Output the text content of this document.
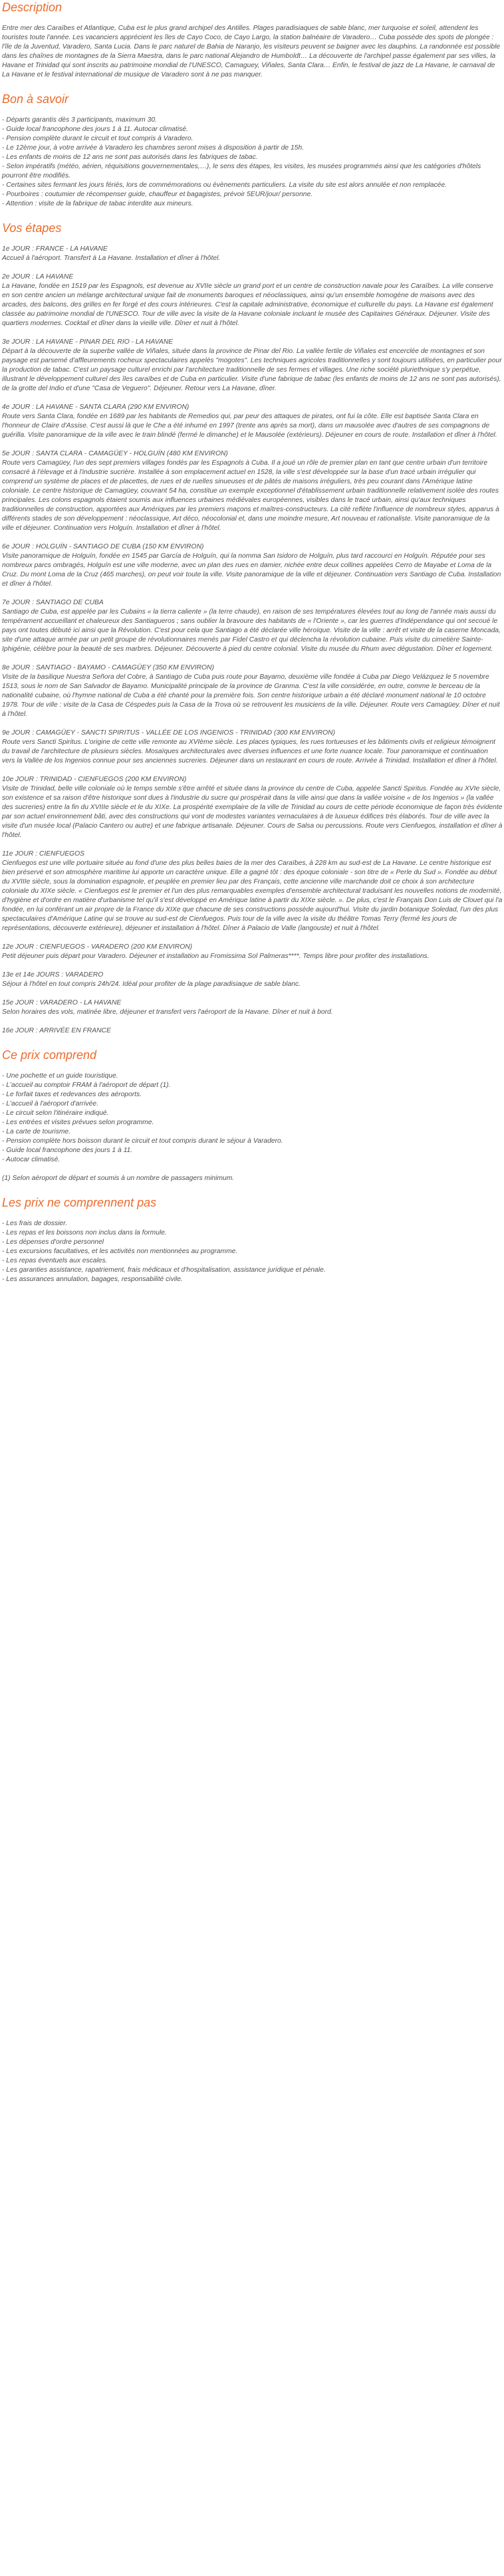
Description

Entre mer des Caraïbes et Atlantique, Cuba est le plus grand archipel des Antilles. Plages paradisiaques de sable blanc, mer turquoise et soleil, attendent les touristes toute l'année. Les vacanciers apprécient les îles de Cayo Coco, de Cayo Largo, la station balnéaire de Varadero… Cuba possède des spots de plongée : l'île de la Juventud, Varadero, Santa Lucia. Dans le parc naturel de Bahia de Naranjo, les visiteurs peuvent se baigner avec les dauphins. La randonnée est possible dans les chaînes de montagnes de la Sierra Maestra, dans le parc national Alejandro de Humboldt… La découverte de l'archipel passe également par ses villes, la Havane et Trinidad qui sont inscrits au patrimoine mondial de l'UNESCO, Camaguey, Viñales, Santa Clara… Enfin, le festival de jazz de La Havane, le carnaval de La Havane et le festival international de musique de Varadero sont à ne pas manquer.

Bon à savoir

- Départs garantis dès 3 participants, maximum 30.

- Guide local francophone des jours 1 à 11. Autocar climatisé.

- Pension complète durant le circuit et tout compris à Varadero.

- Le 12ème jour, à votre arrivée à Varadero les chambres seront mises à disposition à partir de 15h.

- Les enfants de moins de 12 ans ne sont pas autorisés dans les fabriques de tabac.

- Selon impératifs (météo, aérien, réquisitions gouvernementales,…), le sens des étapes, les visites, les musées programmés ainsi que les catégories d'hôtels pourront être modifiés.

- Certaines sites fermant les jours fériés, lors de commémorations ou évènements particuliers. La visite du site est alors annulée et non remplacée.

- Pourboires : coutumier de récompenser guide, chauffeur et bagagistes, prévoir 5EUR/jour/ personne.

- Attention : visite de la fabrique de tabac interdite aux mineurs.

Vos étapes

1e JOUR : FRANCE - LA HAVANE

Accueil à l'aéroport. Transfert à La Havane. Installation et dîner à l'hôtel.

2e JOUR : LA HAVANE

La Havane, fondée en 1519 par les Espagnols, est devenue au XVIIe siècle un grand port et un centre de construction navale pour les Caraïbes. La ville conserve en son centre ancien un mélange architectural unique fait de monuments baroques et néoclassiques, ainsi qu'un ensemble homogène de maisons avec des arcades, des balcons, des grilles en fer forgé et des cours intérieures. C'est la capitale administrative, économique et culturelle du pays. La Havane est également classée au patrimoine mondial de l'UNESCO. Tour de ville avec la visite de la Havane coloniale incluant le musée des Capitaines Généraux. Déjeuner. Visite des quartiers modernes. Cocktail et dîner dans la vieille ville. Dîner et nuit à l'hôtel.

3e JOUR : LA HAVANE - PINAR DEL RIO - LA HAVANE

Départ à la découverte de la superbe vallée de Viñales, située dans la province de Pinar del Rio. La vallée fertile de Viñales est encerclée de montagnes et son paysage est parsemé d'affleurements rocheux spectaculaires appelés "mogotes". Les techniques agricoles traditionnelles y sont toujours utilisées, en particulier pour la production de tabac. C'est un paysage culturel enrichi par l'architecture traditionnelle de ses fermes et villages. Une riche société pluriethnique s'y perpétue, illustrant le développement culturel des îles caraïbes et de Cuba en particulier. Visite d'une fabrique de tabac (les enfants de moins de 12 ans ne sont pas autorisés), de la grotte del Indio et d'une "Casa de Veguero". Déjeuner. Retour vers La Havane, dîner.

4e JOUR : LA HAVANE - SANTA CLARA (290 KM ENVIRON)

Route vers Santa Clara, fondée en 1689 par les habitants de Remedios qui, par peur des attaques de pirates, ont fui la côte. Elle est baptisée Santa Clara en l'honneur de Claire d'Assise. C'est aussi là que le Che a été inhumé en 1997 (trente ans après sa mort), dans un mausolée avec d'autres de ses compagnons de guérilla. Visite panoramique de la ville avec le train blindé (fermé le dimanche) et le Mausolée (extérieurs). Déjeuner en cours de route. Installation et dîner à l'hôtel.

5e JOUR : SANTA CLARA - CAMAGÜEY - HOLGUÍN (480 KM ENVIRON)

Route vers Camagüey, l'un des sept premiers villages fondés par les Espagnols à Cuba. Il a joué un rôle de premier plan en tant que centre urbain d'un territoire consacré à l'élevage et à l'industrie sucrière. Installée à son emplacement actuel en 1528, la ville s'est développée sur la base d'un tracé urbain irrégulier qui comprend un système de places et de placettes, de rues et de ruelles sinueuses et de pâtés de maisons irréguliers, très peu courant dans l'Amérique latine coloniale. Le centre historique de Camagüey, couvrant 54 ha, constitue un exemple exceptionnel d'établissement urbain traditionnelle relativement isolée des routes principales. Les colons espagnols étaient soumis aux influences urbaines médiévales européennes, visibles dans le tracé urbain, ainsi qu'aux techniques traditionnelles de construction, apportées aux Amériques par les premiers maçons et maîtres-constructeurs. La cité reflète l'influence de nombreux styles, apparus à différents stades de son développement : néoclassique, Art déco, néocolonial et, dans une moindre mesure, Art nouveau et rationaliste. Visite panoramique de la ville et déjeuner. Continuation vers Holguín. Installation et dîner à l'hôtel.

6e JOUR : HOLGUÍN - SANTIAGO DE CUBA (150 KM ENVIRON)

Visite panoramique de Holguín, fondée en 1545 par García de Holguín, qui la nomma San Isidoro de Holguín, plus tard raccourci en Holguín. Réputée pour ses nombreux parcs ombragés, Holguín est une ville moderne, avec un plan des rues en damier, nichée entre deux collines appelées Cerro de Mayabe et Loma de la Cruz. Du mont Loma de la Cruz (465 marches), on peut voir toute la ville. Visite panoramique de la ville et déjeuner. Continuation vers Santiago de Cuba. Installation et dîner à l'hôtel.

7e JOUR : SANTIAGO DE CUBA

Santiago de Cuba, est appelée par les Cubains « la tierra caliente » (la terre chaude), en raison de ses températures élevées tout au long de l'année mais aussi du tempérament accueillant et chaleureux des Santiagueros ; sans oublier la bravoure des habitants de « l'Oriente », car les guerres d'Indépendance qui ont secoué le pays ont toutes débuté ici ainsi que la Révolution. C'est pour cela que Santiago a été déclarée ville héroïque. Visite de la ville : arrêt et visite de la caserne Moncada, site d'une attaque armée par un petit groupe de révolutionnaires menés par Fidel Castro et qui déclencha la révolution cubaine. Puis visite du cimetière Sainte-Iphigénie, célèbre pour la beauté de ses marbres. Déjeuner. Découverte à pied du centre colonial. Visite du musée du Rhum avec dégustation. Dîner et logement.

8e JOUR : SANTIAGO - BAYAMO - CAMAGÜEY (350 KM ENVIRON)

Visite de la basilique Nuestra Señora del Cobre, à Santiago de Cuba puis route pour Bayamo, deuxième ville fondée à Cuba par Diego Velázquez le 5 novembre 1513, sous le nom de San Salvador de Bayamo. Municipalité principale de la province de Granma. C'est la ville considérée, en outre, comme le berceau de la nationalité cubaine, où l'hymne national de Cuba a été chanté pour la première fois. Son centre historique urbain a été déclaré monument national le 10 octobre 1978. Tour de ville : visite de la Casa de Céspedes puis la Casa de la Trova où se retrouvent les musiciens de la ville. Déjeuner. Route vers Camagüey. Dîner et nuit à l'hôtel.

9e JOUR : CAMAGÜEY - SANCTI SPIRITUS - VALLÉE DE LOS INGENIOS - TRINIDAD (300 KM ENVIRON)

Route vers Sancti Spiritus. L'origine de cette ville remonte au XVIème siècle. Les places typiques, les rues tortueuses et les bâtiments civils et religieux témoignent du travail de l'architecture de plusieurs siècles. Mosaïques architecturales avec diverses influences et une forte nuance locale. Tour panoramique et continuation vers la Vallée de los Ingenios connue pour ses anciennes sucreries. Déjeuner dans un restaurant en cours de route. Arrivée à Trinidad. Installation et dîner à l'hôtel.

10e JOUR : TRINIDAD - CIENFUEGOS (200 KM ENVIRON)

Visite de Trinidad, belle ville coloniale où le temps semble s'être arrêté et située dans la province du centre de Cuba, appelée Sancti Spiritus. Fondée au XVIe siècle, son existence et sa raison d'être historique sont dues à l'industrie du sucre qui prospérait dans la ville ainsi que dans la vallée voisine « de los Ingenios » (la vallée des sucreries) entre la fin du XVIIIe siècle et le du XIXe. La prospérité exemplaire de la ville de Trinidad au cours de cette période économique de façon très évidente par son actuel environnement bâti, avec des constructions qui vont de modestes variantes vernaculaires à de luxueux édifices très élaborés. Tour de ville avec la visite d'un musée local (Palacio Cantero ou autre) et une fabrique artisanale. Déjeuner. Cours de Salsa ou percussions. Route vers Cienfuegos, installation et dîner à l'hôtel.

11e JOUR : CIENFUEGOS

Cienfuegos est une ville portuaire située au fond d'une des plus belles baies de la mer des Caraïbes, à 228 km au sud-est de La Havane. Le centre historique est bien préservé et son atmosphère maritime lui apporte un caractère unique. Elle a gagné tôt : des époque coloniale - son titre de « Perle du Sud ». Fondée au début du XVIIIe siècle, sous la domination espagnole, et peuplée en premier lieu par des Français, cette ancienne ville marchande doit ce choix à son architecture coloniale du XIXe siècle. « Cienfuegos est le premier et l'un des plus remarquables exemples d'ensemble architectural traduisant les nouvelles notions de modernité, d'hygiène et d'ordre en matière d'urbanisme tel qu'il s'est développé en Amérique latine à partir du XIXe siècle. ». De plus, c'est le Français Don Luis de Clouet qui l'a fondée, en lui conférant un air propre de la France du XIXe que chacune de ses constructions possède aujourd'hui. Visite du jardin botanique Soledad, l'un des plus spectaculaires d'Amérique Latine qui se trouve au sud-est de Cienfuegos. Puis tour de la ville avec la visite du théâtre Tomas Terry (fermé les jours de représentations, découverte extérieure), déjeuner et installation à l'hôtel. Dîner à Palacio de Valle (langouste) et nuit à l'hôtel.

12e JOUR : CIENFUEGOS - VARADERO (200 KM ENVIRON)

Petit déjeuner puis départ pour Varadero. Déjeuner et installation au Fromissima Sol Palmeras****. Temps libre pour profiter des installations.

13e et 14e JOURS : VARADERO

Séjour à l'hôtel en tout compris 24h/24. Idéal pour profiter de la plage paradisiaque de sable blanc.

15e JOUR : VARADERO - LA HAVANE

Selon horaires des vols, matinée libre, déjeuner et transfert vers l'aéroport de la Havane. Dîner et nuit à bord.

16e JOUR : ARRIVÉE EN FRANCE

Ce prix comprend

- Une pochette et un guide touristique.

- L'accueil au comptoir FRAM à l'aéroport de départ (1).

- Le forfait taxes et redevances des aéroports.

- L'accueil à l'aéroport d'arrivée.

- Le circuit selon l'itinéraire indiqué.

- Les entrées et visites prévues selon programme.

- La carte de tourisme.

- Pension complète hors boisson durant le circuit et tout compris durant le séjour à Varadero.

- Guide local francophone des jours 1 à 11.

- Autocar climatisé.

(1) Selon aéroport de départ et soumis à un nombre de passagers minimum.

Les prix ne comprennent pas

- Les frais de dossier.

- Les repas et les boissons non inclus dans la formule.

- Les dépenses d'ordre personnel

- Les excursions facultatives, et les activités non mentionnées au programme.

- Les repas éventuels aux escales.

- Les garanties assistance, rapatriement, frais médicaux et d'hospitalisation, assistance juridique et pénale.

- Les assurances annulation, bagages, responsabilité civile.
